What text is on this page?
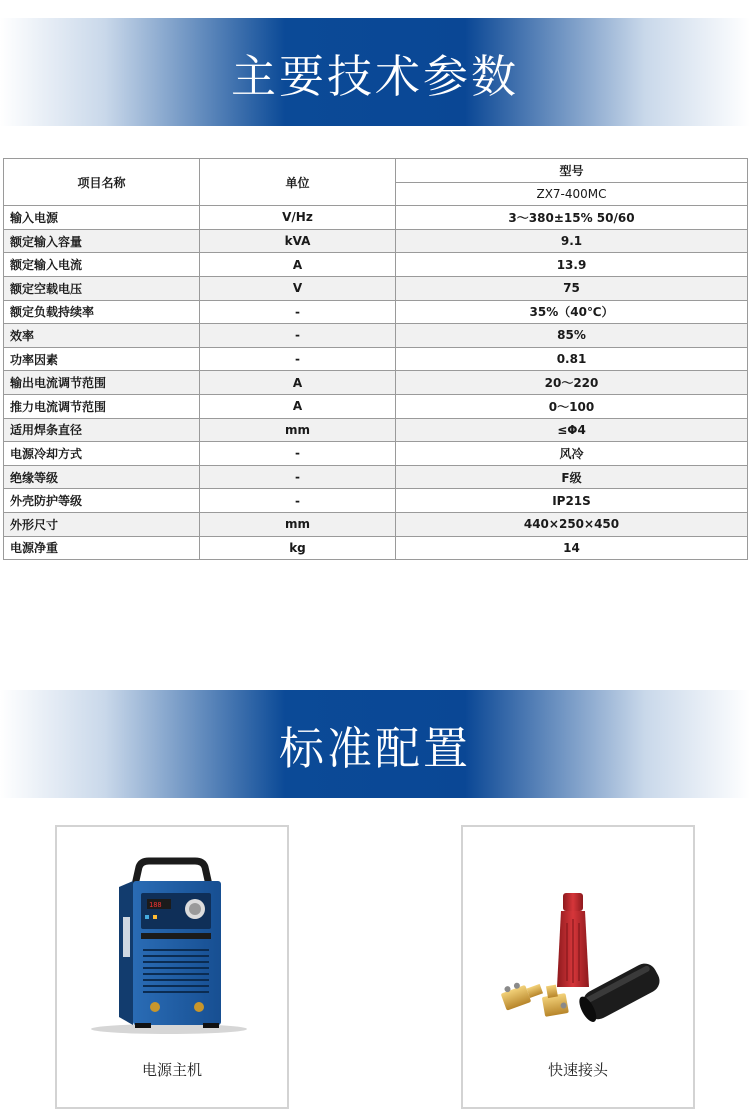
主要技术参数
项目名称	单位	型号
		ZX7-400MC
输入电源	V/Hz	3～380±15% 50/60
额定输入容量	kVA	9.1
额定输入电流	A	13.9
额定空载电压	V	75
额定负载持续率	-	35%（40℃）
效率	-	85%
功率因素	-	0.81
输出电流调节范围	A	20～220
推力电流调节范围	A	0～100
适用焊条直径	mm	≤Φ4
电源冷却方式	-	风冷
绝缘等级	-	F级
外壳防护等级	-	IP21S
外形尺寸	mm	440×250×450
电源净重	kg	14
标准配置
188
电源主机	快速接头
